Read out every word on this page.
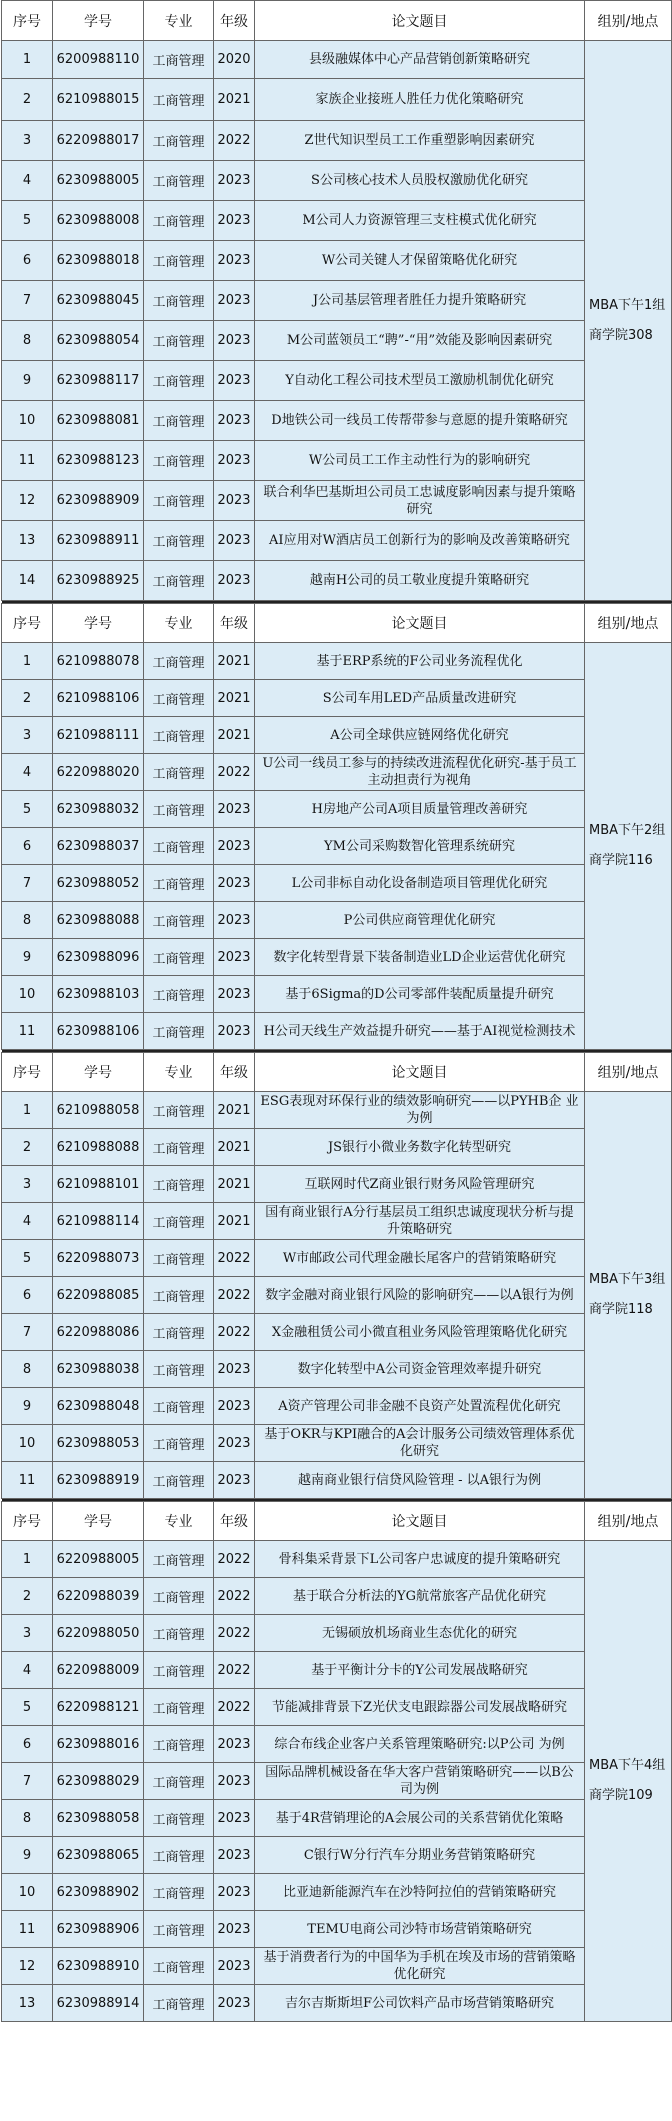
序号	学号	专业	年级	论文题目	组别/地点
1	6200988110	工商管理	2020	县级融媒体中心产品营销创新策略研究	MBA下午1组
商学院308

2	6210988015	工商管理	2021	家族企业接班人胜任力优化策略研究	
3	6220988017	工商管理	2022	Z世代知识型员工工作重塑影响因素研究	
4	6230988005	工商管理	2023	S公司核心技术人员股权激励优化研究	
5	6230988008	工商管理	2023	M公司人力资源管理三支柱模式优化研究	
6	6230988018	工商管理	2023	W公司关键人才保留策略优化研究	
7	6230988045	工商管理	2023	J公司基层管理者胜任力提升策略研究	
8	6230988054	工商管理	2023	M公司蓝领员工“聘”-“用”效能及影响因素研究	
9	6230988117	工商管理	2023	Y自动化工程公司技术型员工激励机制优化研究	
10	6230988081	工商管理	2023	D地铁公司一线员工传帮带参与意愿的提升策略研究	
11	6230988123	工商管理	2023	W公司员工工作主动性行为的影响研究	
12	6230988909	工商管理	2023	联合利华巴基斯坦公司员工忠诚度影响因素与提升策略研究	
13	6230988911	工商管理	2023	AI应用对W酒店员工创新行为的影响及改善策略研究	
14	6230988925	工商管理	2023	越南H公司的员工敬业度提升策略研究	

序号	学号	专业	年级	论文题目	组别/地点
1	6210988078	工商管理	2021	基于ERP系统的F公司业务流程优化	MBA下午2组
商学院116

2	6210988106	工商管理	2021	S公司车用LED产品质量改进研究	
3	6210988111	工商管理	2021	A公司全球供应链网络优化研究	
4	6220988020	工商管理	2022	U公司一线员工参与的持续改进流程优化研究-基于员工主动担责行为视角	
5	6230988032	工商管理	2023	H房地产公司A项目质量管理改善研究	
6	6230988037	工商管理	2023	YM公司采购数智化管理系统研究	
7	6230988052	工商管理	2023	L公司非标自动化设备制造项目管理优化研究	
8	6230988088	工商管理	2023	P公司供应商管理优化研究	
9	6230988096	工商管理	2023	数字化转型背景下装备制造业LD企业运营优化研究	
10	6230988103	工商管理	2023	基于6Sigma的D公司零部件装配质量提升研究	
11	6230988106	工商管理	2023	H公司天线生产效益提升研究——基于AI视觉检测技术	

序号	学号	专业	年级	论文题目	组别/地点
1	6210988058	工商管理	2021	ESG表现对环保行业的绩效影响研究——以PYHB企 业为例	MBA下午3组
商学院118

2	6210988088	工商管理	2021	JS银行小微业务数字化转型研究	
3	6210988101	工商管理	2021	互联网时代Z商业银行财务风险管理研究	
4	6210988114	工商管理	2021	国有商业银行A分行基层员工组织忠诚度现状分析与提升策略研究	
5	6220988073	工商管理	2022	W市邮政公司代理金融长尾客户的营销策略研究	
6	6220988085	工商管理	2022	数字金融对商业银行风险的影响研究——以A银行为例	
7	6220988086	工商管理	2022	X金融租赁公司小微直租业务风险管理策略优化研究	
8	6230988038	工商管理	2023	数字化转型中A公司资金管理效率提升研究	
9	6230988048	工商管理	2023	A资产管理公司非金融不良资产处置流程优化研究	
10	6230988053	工商管理	2023	基于OKR与KPI融合的A会计服务公司绩效管理体系优化研究	
11	6230988919	工商管理	2023	越南商业银行信贷风险管理 - 以A银行为例	

序号	学号	专业	年级	论文题目	组别/地点
1	6220988005	工商管理	2022	骨科集采背景下L公司客户忠诚度的提升策略研究	MBA下午4组
商学院109

2	6220988039	工商管理	2022	基于联合分析法的YG航常旅客产品优化研究	
3	6220988050	工商管理	2022	无锡硕放机场商业生态优化的研究	
4	6220988009	工商管理	2022	基于平衡计分卡的Y公司发展战略研究	
5	6220988121	工商管理	2022	节能减排背景下Z光伏支电跟踪器公司发展战略研究	
6	6230988016	工商管理	2023	综合布线企业客户关系管理策略研究:以P公司 为例	
7	6230988029	工商管理	2023	国际品牌机械设备在华大客户营销策略研究——以B公司为例	
8	6230988058	工商管理	2023	基于4R营销理论的A会展公司的关系营销优化策略	
9	6230988065	工商管理	2023	C银行W分行汽车分期业务营销策略研究	
10	6230988902	工商管理	2023	比亚迪新能源汽车在沙特阿拉伯的营销策略研究	
11	6230988906	工商管理	2023	TEMU电商公司沙特市场营销策略研究	
12	6230988910	工商管理	2023	基于消费者行为的中国华为手机在埃及市场的营销策略优化研究	
13	6230988914	工商管理	2023	吉尔吉斯斯坦F公司饮料产品市场营销策略研究	
